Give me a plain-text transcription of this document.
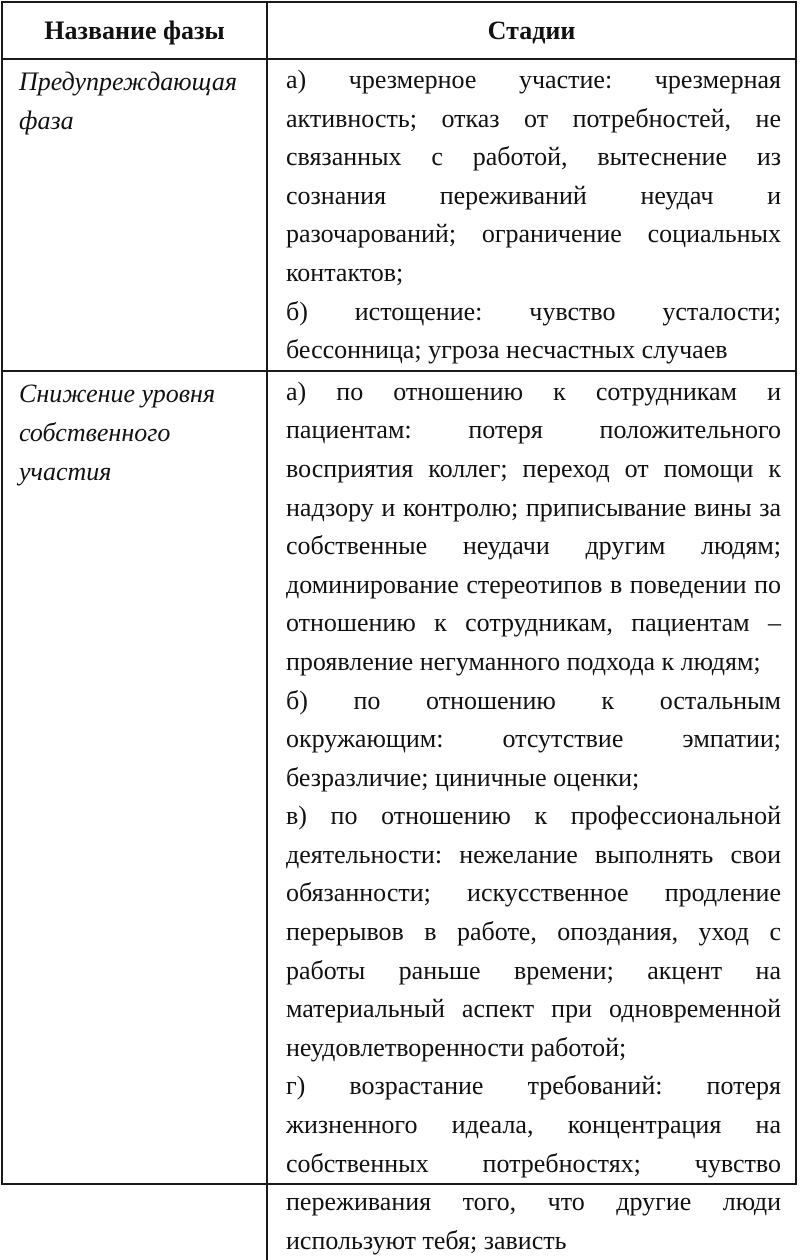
Название фазы	Стадии
Предупреждающая фаза	а) чрезмерное участие: чрезмерная активность; отказ от потребностей, не связанных с работой, вытеснение из сознания переживаний неудач и разочарований; ограничение социальных контактов;
б) истощение: чувство усталости; бессонница; угроза несчастных случаев

Снижение уровня собственного участия	а) по отношению к сотрудникам и пациентам: потеря положительного восприятия коллег; переход от помощи к надзору и контролю; приписывание вины за собственные неудачи другим людям; доминирование стереотипов в поведении по отношению к сотрудникам, пациентам – проявление негуманного подхода к людям;
б) по отношению к остальным окружающим: отсутствие эмпатии; безразличие; циничные оценки;
в) по отношению к профессиональной деятельности: нежелание выполнять свои обязанности; искусственное продление перерывов в работе, опоздания, уход с работы раньше времени; акцент на материальный аспект при одновременной неудовлетворенности работой;
г) возрастание требований: потеря жизненного идеала, концентрация на собственных потребностях; чувство переживания того, что другие люди используют тебя; зависть
